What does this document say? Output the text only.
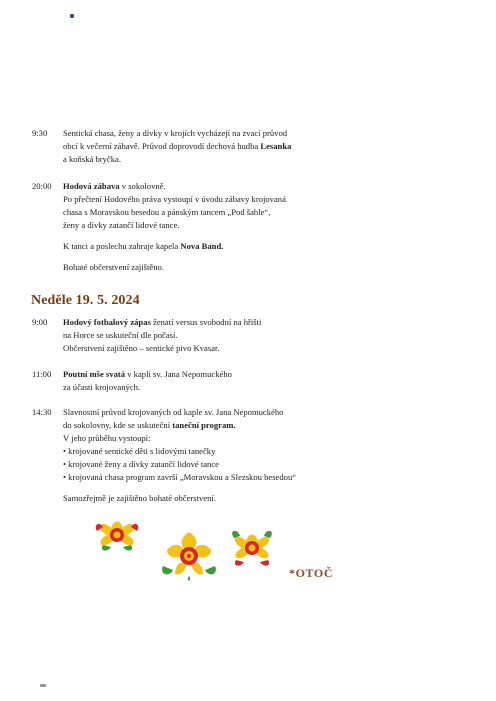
9:30	Sentická chasa, ženy a dívky v krojích vycházejí na zvací průvod
obcí k večerní zábavě. Průvod doprovodí dechová hudba Lesanka
a koňská bryčka.
20:00	Hodová zábava v sokolovně.
Po přečtení Hodového práva vystoupí v úvodu zábavy krojovaná
chasa s Moravskou besedou a pánským tancem „Pod šable“,
ženy a dívky zatančí lidové tance.
K tanci a poslechu zahraje kapela Nova Band.
Bohaté občerstvení zajištěno.
Neděle 19. 5. 2024
9:00	Hodový fotbalový zápas ženatí versus svobodní na hřišti
na Horce se uskuteční dle počasí.
Občerstvení zajištěno – sentické pivo Kvasar.
11:00	Poutní mše svatá v kapli sv. Jana Nepomuckého
za účasti krojovaných.
14:30	Slavnostní průvod krojovaných od kaple sv. Jana Nepomuckého
do sokolovny, kde se uskuteční taneční program.
V jeho průběhu vystoupí:
• krojované sentické děti s lidovými tanečky
• krojované ženy a dívky zatančí lidové tance
• krojovaná chasa program završí „Moravskou a Slezskou besedou“
Samozřejmě je zajištěno bohaté občerstvení.
*OTOČ
